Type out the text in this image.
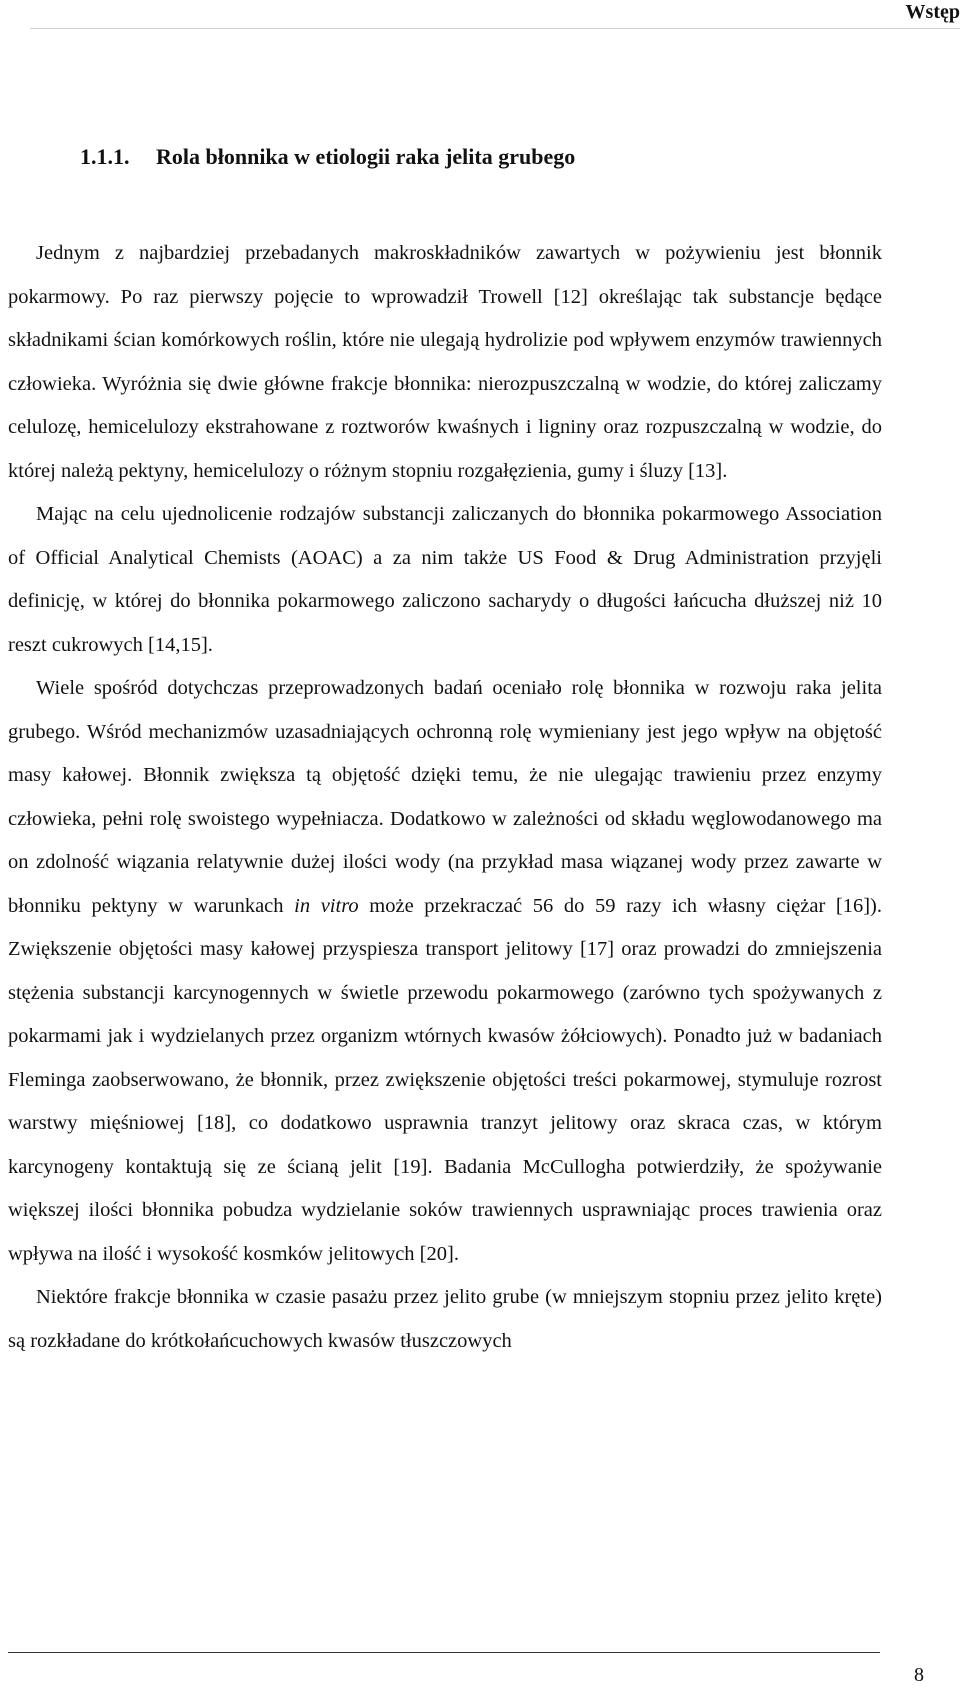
Wstęp
1.1.1. Rola błonnika w etiologii raka jelita grubego

Jednym z najbardziej przebadanych makroskładników zawartych w pożywieniu jest błonnik pokarmowy. Po raz pierwszy pojęcie to wprowadził Trowell [12] określając tak substancje będące składnikami ścian komórkowych roślin, które nie ulegają hydrolizie pod wpływem enzymów trawiennych człowieka. Wyróżnia się dwie główne frakcje błonnika: nierozpuszczalną w wodzie, do której zaliczamy celulozę, hemicelulozy ekstrahowane z roztworów kwaśnych i ligniny oraz rozpuszczalną w wodzie, do której należą pektyny, hemicelulozy o różnym stopniu rozgałęzienia, gumy i śluzy [13].

Mając na celu ujednolicenie rodzajów substancji zaliczanych do błonnika pokarmowego Association of Official Analytical Chemists (AOAC) a za nim także US Food & Drug Administration przyjęli definicję, w której do błonnika pokarmowego zaliczono sacharydy o długości łańcucha dłuższej niż 10 reszt cukrowych [14,15].

Wiele spośród dotychczas przeprowadzonych badań oceniało rolę błonnika w rozwoju raka jelita grubego. Wśród mechanizmów uzasadniających ochronną rolę wymieniany jest jego wpływ na objętość masy kałowej. Błonnik zwiększa tą objętość dzięki temu, że nie ulegając trawieniu przez enzymy człowieka, pełni rolę swoistego wypełniacza. Dodatkowo w zależności od składu węglowodanowego ma on zdolność wiązania relatywnie dużej ilości wody (na przykład masa wiązanej wody przez zawarte w błonniku pektyny w warunkach in vitro może przekraczać 56 do 59 razy ich własny ciężar [16]). Zwiększenie objętości masy kałowej przyspiesza transport jelitowy [17] oraz prowadzi do zmniejszenia stężenia substancji karcynogennych w świetle przewodu pokarmowego (zarówno tych spożywanych z pokarmami jak i wydzielanych przez organizm wtórnych kwasów żółciowych). Ponadto już w badaniach Fleminga zaobserwowano, że błonnik, przez zwiększenie objętości treści pokarmowej, stymuluje rozrost warstwy mięśniowej [18], co dodatkowo usprawnia tranzyt jelitowy oraz skraca czas, w którym karcynogeny kontaktują się ze ścianą jelit [19]. Badania McCullogha potwierdziły, że spożywanie większej ilości błonnika pobudza wydzielanie soków trawiennych usprawniając proces trawienia oraz wpływa na ilość i wysokość kosmków jelitowych [20].

Niektóre frakcje błonnika w czasie pasażu przez jelito grube (w mniejszym stopniu przez jelito kręte) są rozkładane do krótkołańcuchowych kwasów tłuszczowych

8
